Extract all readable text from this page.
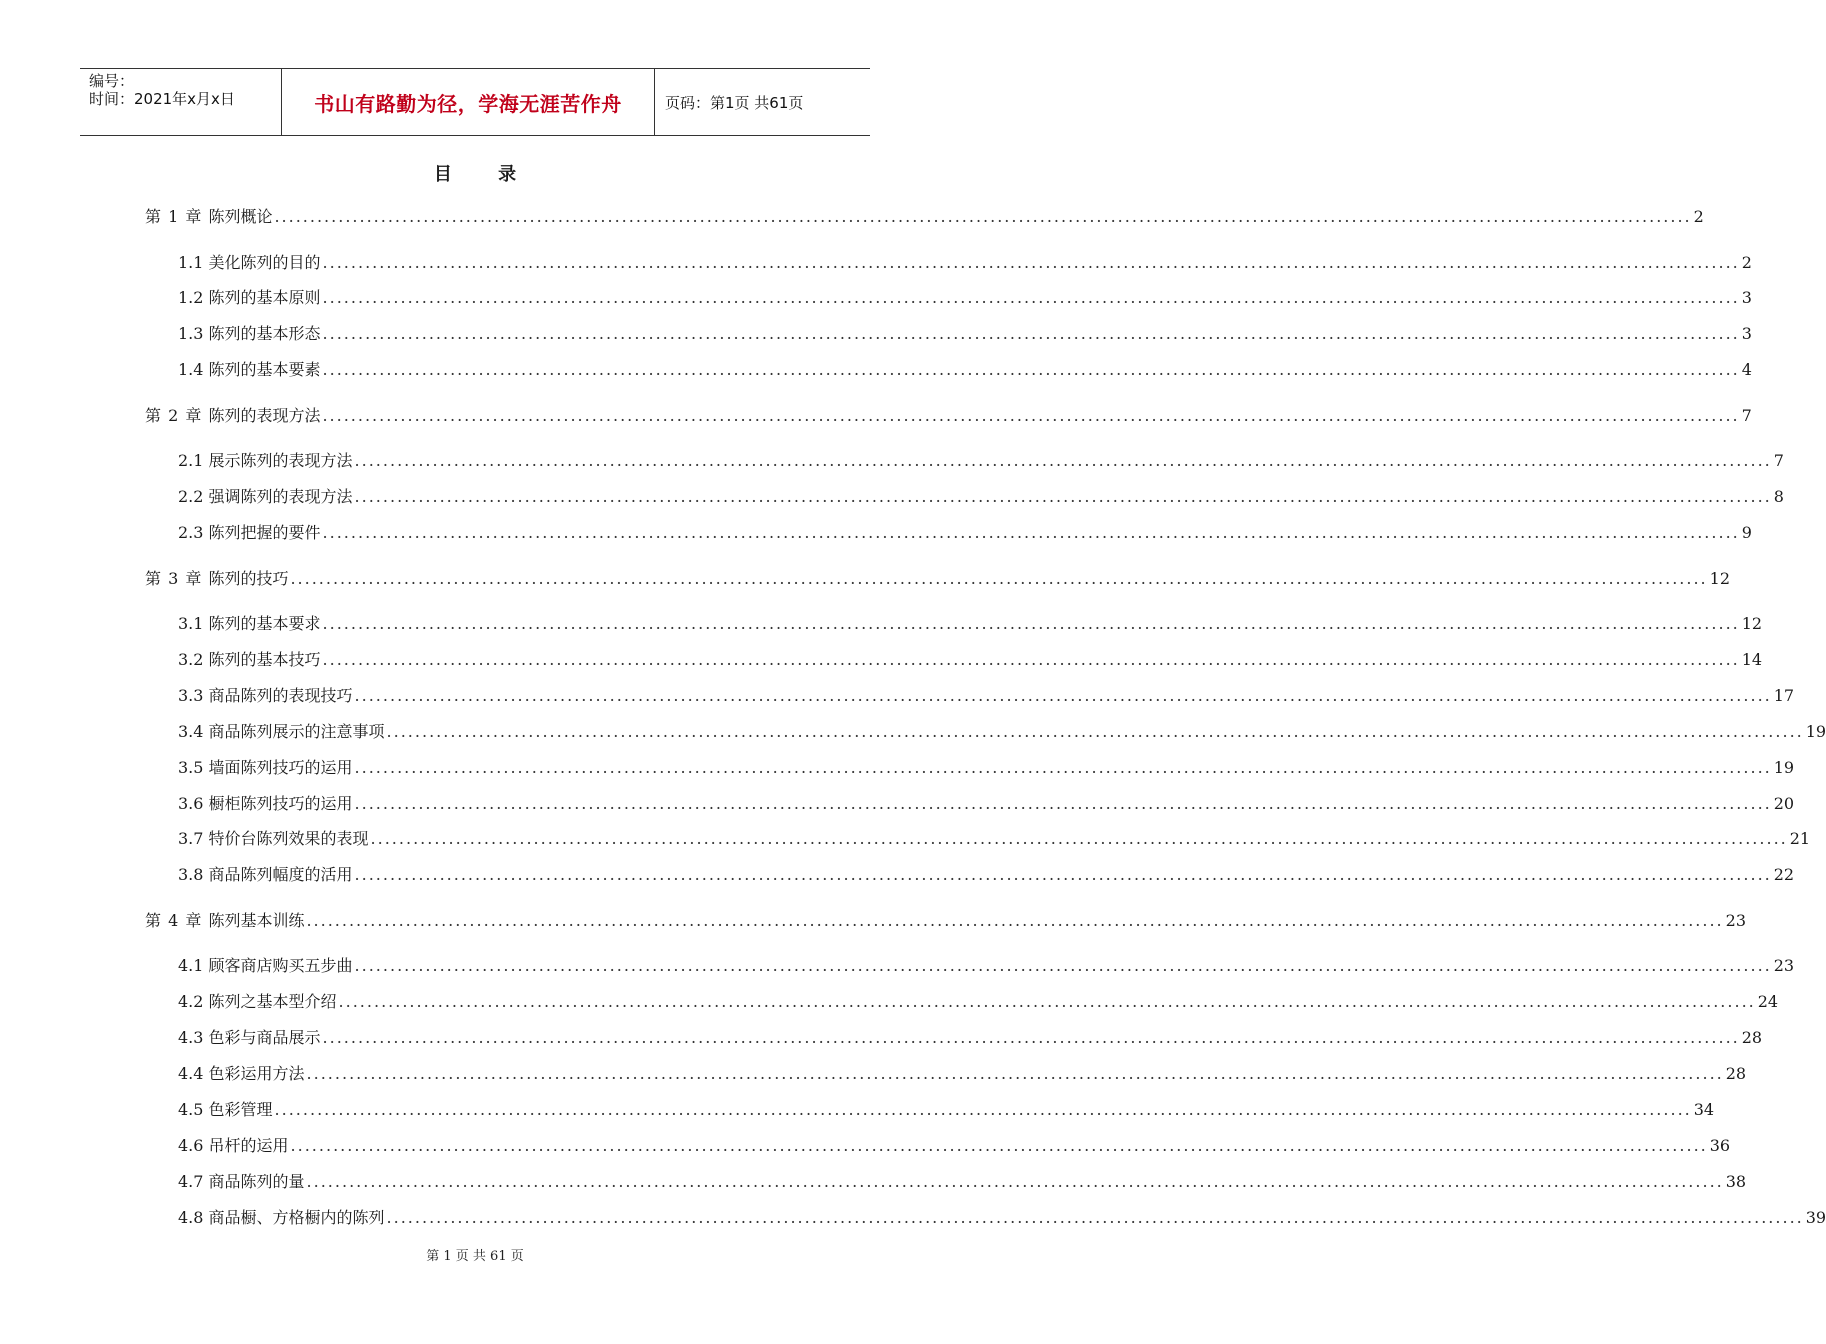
编号：
时间：2021年x月x日	书山有路勤为径，学海无涯苦作舟	页码：第1页 共61页
目 录
第 1 章 陈列概论 ........................................................................................................................................................................................................ 2
1.1 美化陈列的目的 ........................................................................................................................................................................................................ 2
1.2 陈列的基本原则 ........................................................................................................................................................................................................ 3
1.3 陈列的基本形态 ........................................................................................................................................................................................................ 3
1.4 陈列的基本要素 ........................................................................................................................................................................................................ 4
第 2 章 陈列的表现方法 ........................................................................................................................................................................................................ 7
2.1 展示陈列的表现方法 ........................................................................................................................................................................................................ 7
2.2 强调陈列的表现方法 ........................................................................................................................................................................................................ 8
2.3 陈列把握的要件 ........................................................................................................................................................................................................ 9
第 3 章 陈列的技巧 ........................................................................................................................................................................................................ 12
3.1 陈列的基本要求 ........................................................................................................................................................................................................ 12
3.2 陈列的基本技巧 ........................................................................................................................................................................................................ 14
3.3 商品陈列的表现技巧 ........................................................................................................................................................................................................ 17
3.4 商品陈列展示的注意事项 ........................................................................................................................................................................................................ 19
3.5 墙面陈列技巧的运用 ........................................................................................................................................................................................................ 19
3.6 橱柜陈列技巧的运用 ........................................................................................................................................................................................................ 20
3.7 特价台陈列效果的表现 ........................................................................................................................................................................................................ 21
3.8 商品陈列幅度的活用 ........................................................................................................................................................................................................ 22
第 4 章 陈列基本训练 ........................................................................................................................................................................................................ 23
4.1 顾客商店购买五步曲 ........................................................................................................................................................................................................ 23
4.2 陈列之基本型介绍 ........................................................................................................................................................................................................ 24
4.3 色彩与商品展示 ........................................................................................................................................................................................................ 28
4.4 色彩运用方法 ........................................................................................................................................................................................................ 28
4.5 色彩管理 ........................................................................................................................................................................................................ 34
4.6 吊杆的运用 ........................................................................................................................................................................................................ 36
4.7 商品陈列的量 ........................................................................................................................................................................................................ 38
4.8 商品橱、方格橱内的陈列 ........................................................................................................................................................................................................ 39
第 1 页 共 61 页
